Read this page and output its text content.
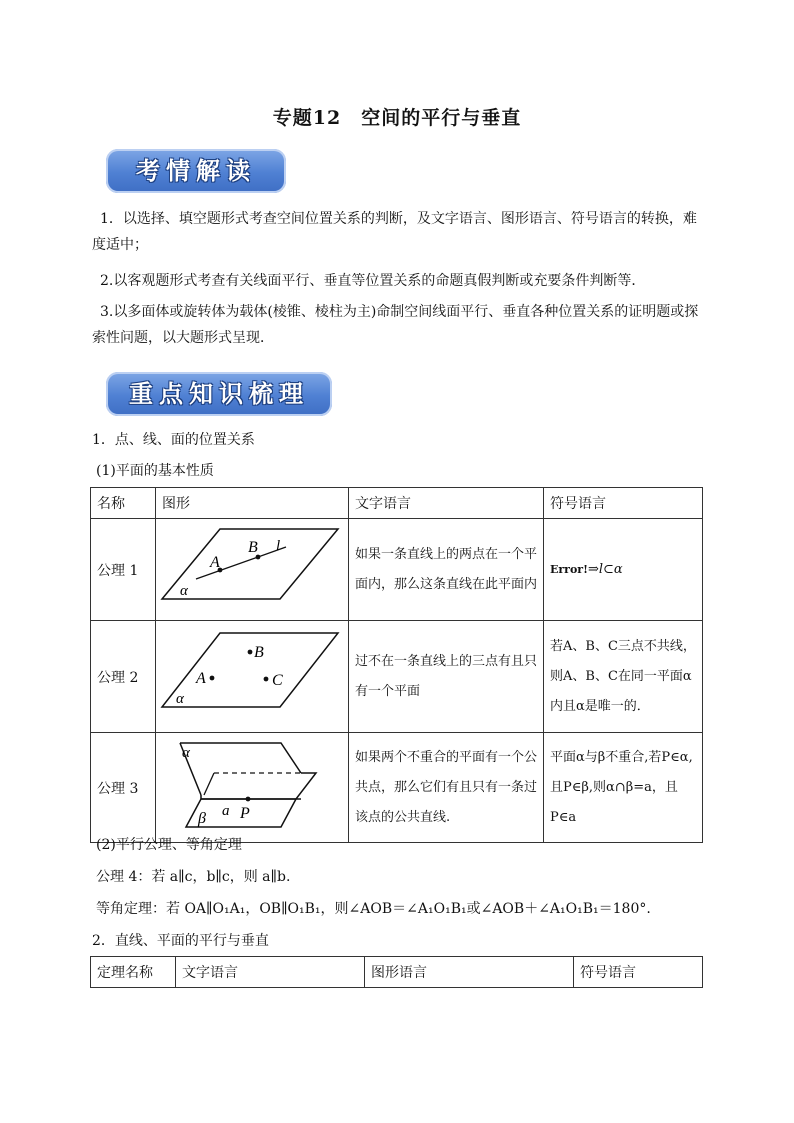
专题12　空间的平行与垂直
考情解读
1．以选择、填空题形式考查空间位置关系的判断，及文字语言、图形语言、符号语言的转换，难度适中；
2.以客观题形式考查有关线面平行、垂直等位置关系的命题真假判断或充要条件判断等．
3.以多面体或旋转体为载体(棱锥、棱柱为主)命制空间线面平行、垂直各种位置关系的证明题或探索性问题，以大题形式呈现．
重点知识梳理
1．点、线、面的位置关系
(1)平面的基本性质
名称	图形	文字语言	符号语言
公理 1	A
B l
α	如果一条直线上的两点在一个平面内，那么这条直线在此平面内	Error!⇒l⊂α
公理 2	B
A C
α	过不在一条直线上的三点有且只有一个平面	若A、B、C三点不共线，则A、B、C在同一平面α内且α是唯一的．
公理 3	α
β a P	如果两个不重合的平面有一个公共点，那么它们有且只有一条过该点的公共直线.	平面α与β不重合,若P∈α,且P∈β,则α∩β=a，且P∈a
(2)平行公理、等角定理
公理 4：若 a∥c，b∥c，则 a∥b.
等角定理：若 OA∥O₁A₁，OB∥O₁B₁，则∠AOB＝∠A₁O₁B₁或∠AOB＋∠A₁O₁B₁＝180°.
2．直线、平面的平行与垂直
定理名称	文字语言	图形语言	符号语言
